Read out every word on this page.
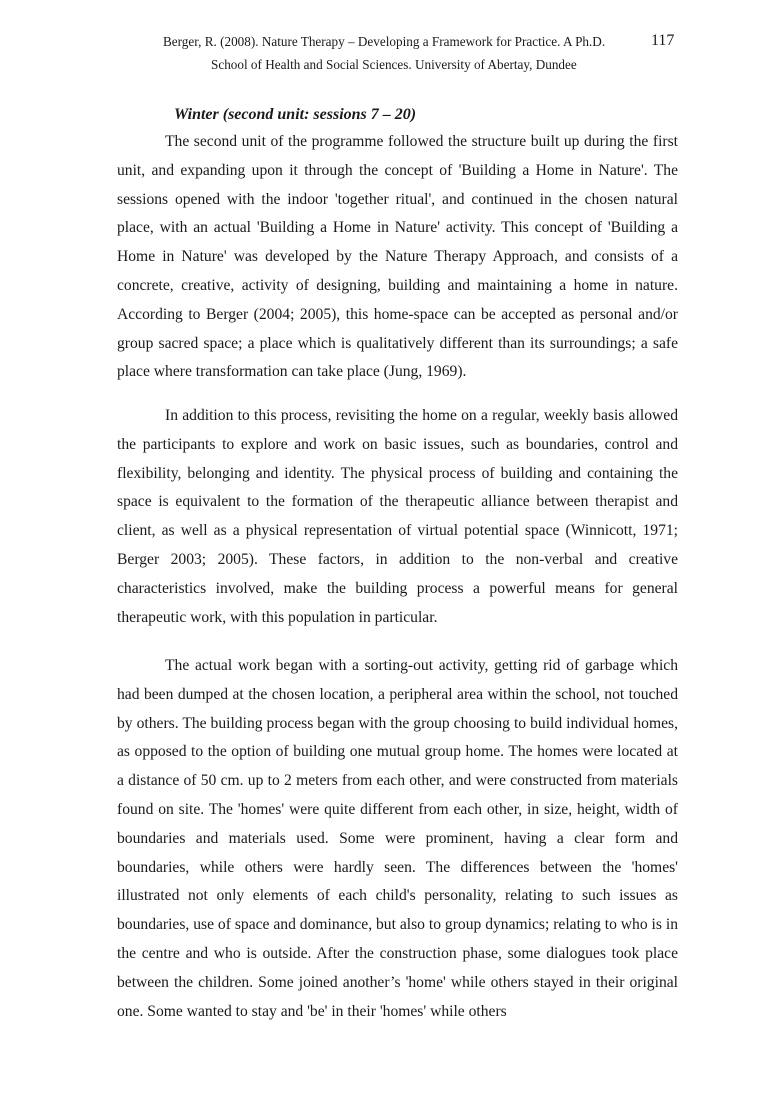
Berger, R. (2008). Nature Therapy – Developing a Framework for Practice. A Ph.D.
School of Health and Social Sciences. University of Abertay, Dundee
117
Winter (second unit: sessions 7 – 20)

The second unit of the programme followed the structure built up during the first unit, and expanding upon it through the concept of 'Building a Home in Nature'. The sessions opened with the indoor 'together ritual', and continued in the chosen natural place, with an actual 'Building a Home in Nature' activity. This concept of 'Building a Home in Nature' was developed by the Nature Therapy Approach, and consists of a concrete, creative, activity of designing, building and maintaining a home in nature. According to Berger (2004; 2005), this home-space can be accepted as personal and/or group sacred space; a place which is qualitatively different than its surroundings; a safe place where transformation can take place (Jung, 1969).

In addition to this process, revisiting the home on a regular, weekly basis allowed the participants to explore and work on basic issues, such as boundaries, control and flexibility, belonging and identity. The physical process of building and containing the space is equivalent to the formation of the therapeutic alliance between therapist and client, as well as a physical representation of virtual potential space (Winnicott, 1971; Berger 2003; 2005). These factors, in addition to the non-verbal and creative characteristics involved, make the building process a powerful means for general therapeutic work, with this population in particular.

The actual work began with a sorting-out activity, getting rid of garbage which had been dumped at the chosen location, a peripheral area within the school, not touched by others. The building process began with the group choosing to build individual homes, as opposed to the option of building one mutual group home. The homes were located at a distance of 50 cm. up to 2 meters from each other, and were constructed from materials found on site. The 'homes' were quite different from each other, in size, height, width of boundaries and materials used. Some were prominent, having a clear form and boundaries, while others were hardly seen. The differences between the 'homes' illustrated not only elements of each child's personality, relating to such issues as boundaries, use of space and dominance, but also to group dynamics; relating to who is in the centre and who is outside. After the construction phase, some dialogues took place between the children. Some joined another’s 'home' while others stayed in their original one. Some wanted to stay and 'be' in their 'homes' while others
